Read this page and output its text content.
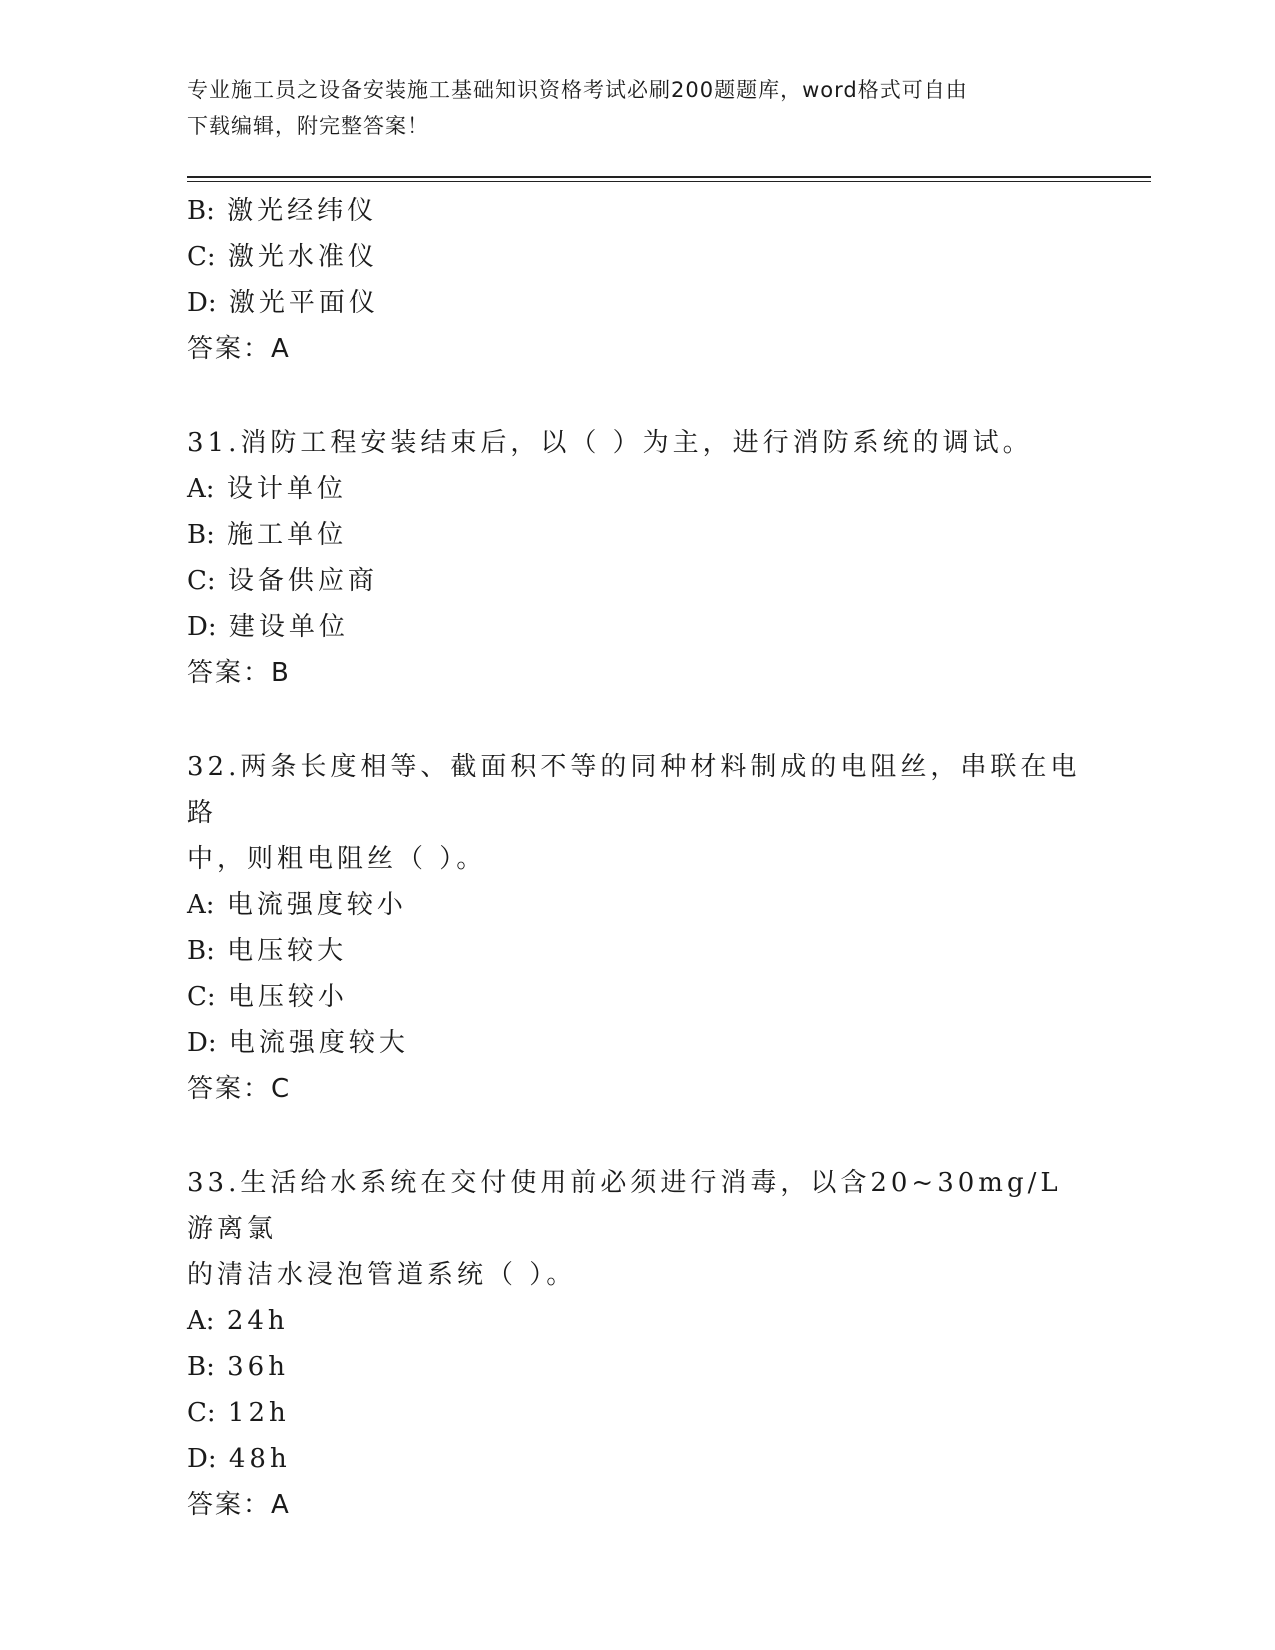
专业施工员之设备安装施工基础知识资格考试必刷200题题库，word格式可自由
下载编辑，附完整答案！
B: 激光经纬仪
C: 激光水准仪
D: 激光平面仪
答案：A
31.消防工程安装结束后，以（ ）为主，进行消防系统的调试。
A: 设计单位
B: 施工单位
C: 设备供应商
D: 建设单位
答案：B
32.两条长度相等、截面积不等的同种材料制成的电阻丝，串联在电路
中，则粗电阻丝（ ）。
A: 电流强度较小
B: 电压较大
C: 电压较小
D: 电流强度较大
答案：C
33.生活给水系统在交付使用前必须进行消毒，以含20~30mg/L游离氯
的清洁水浸泡管道系统（ ）。
A: 24h
B: 36h
C: 12h
D: 48h
答案：A
